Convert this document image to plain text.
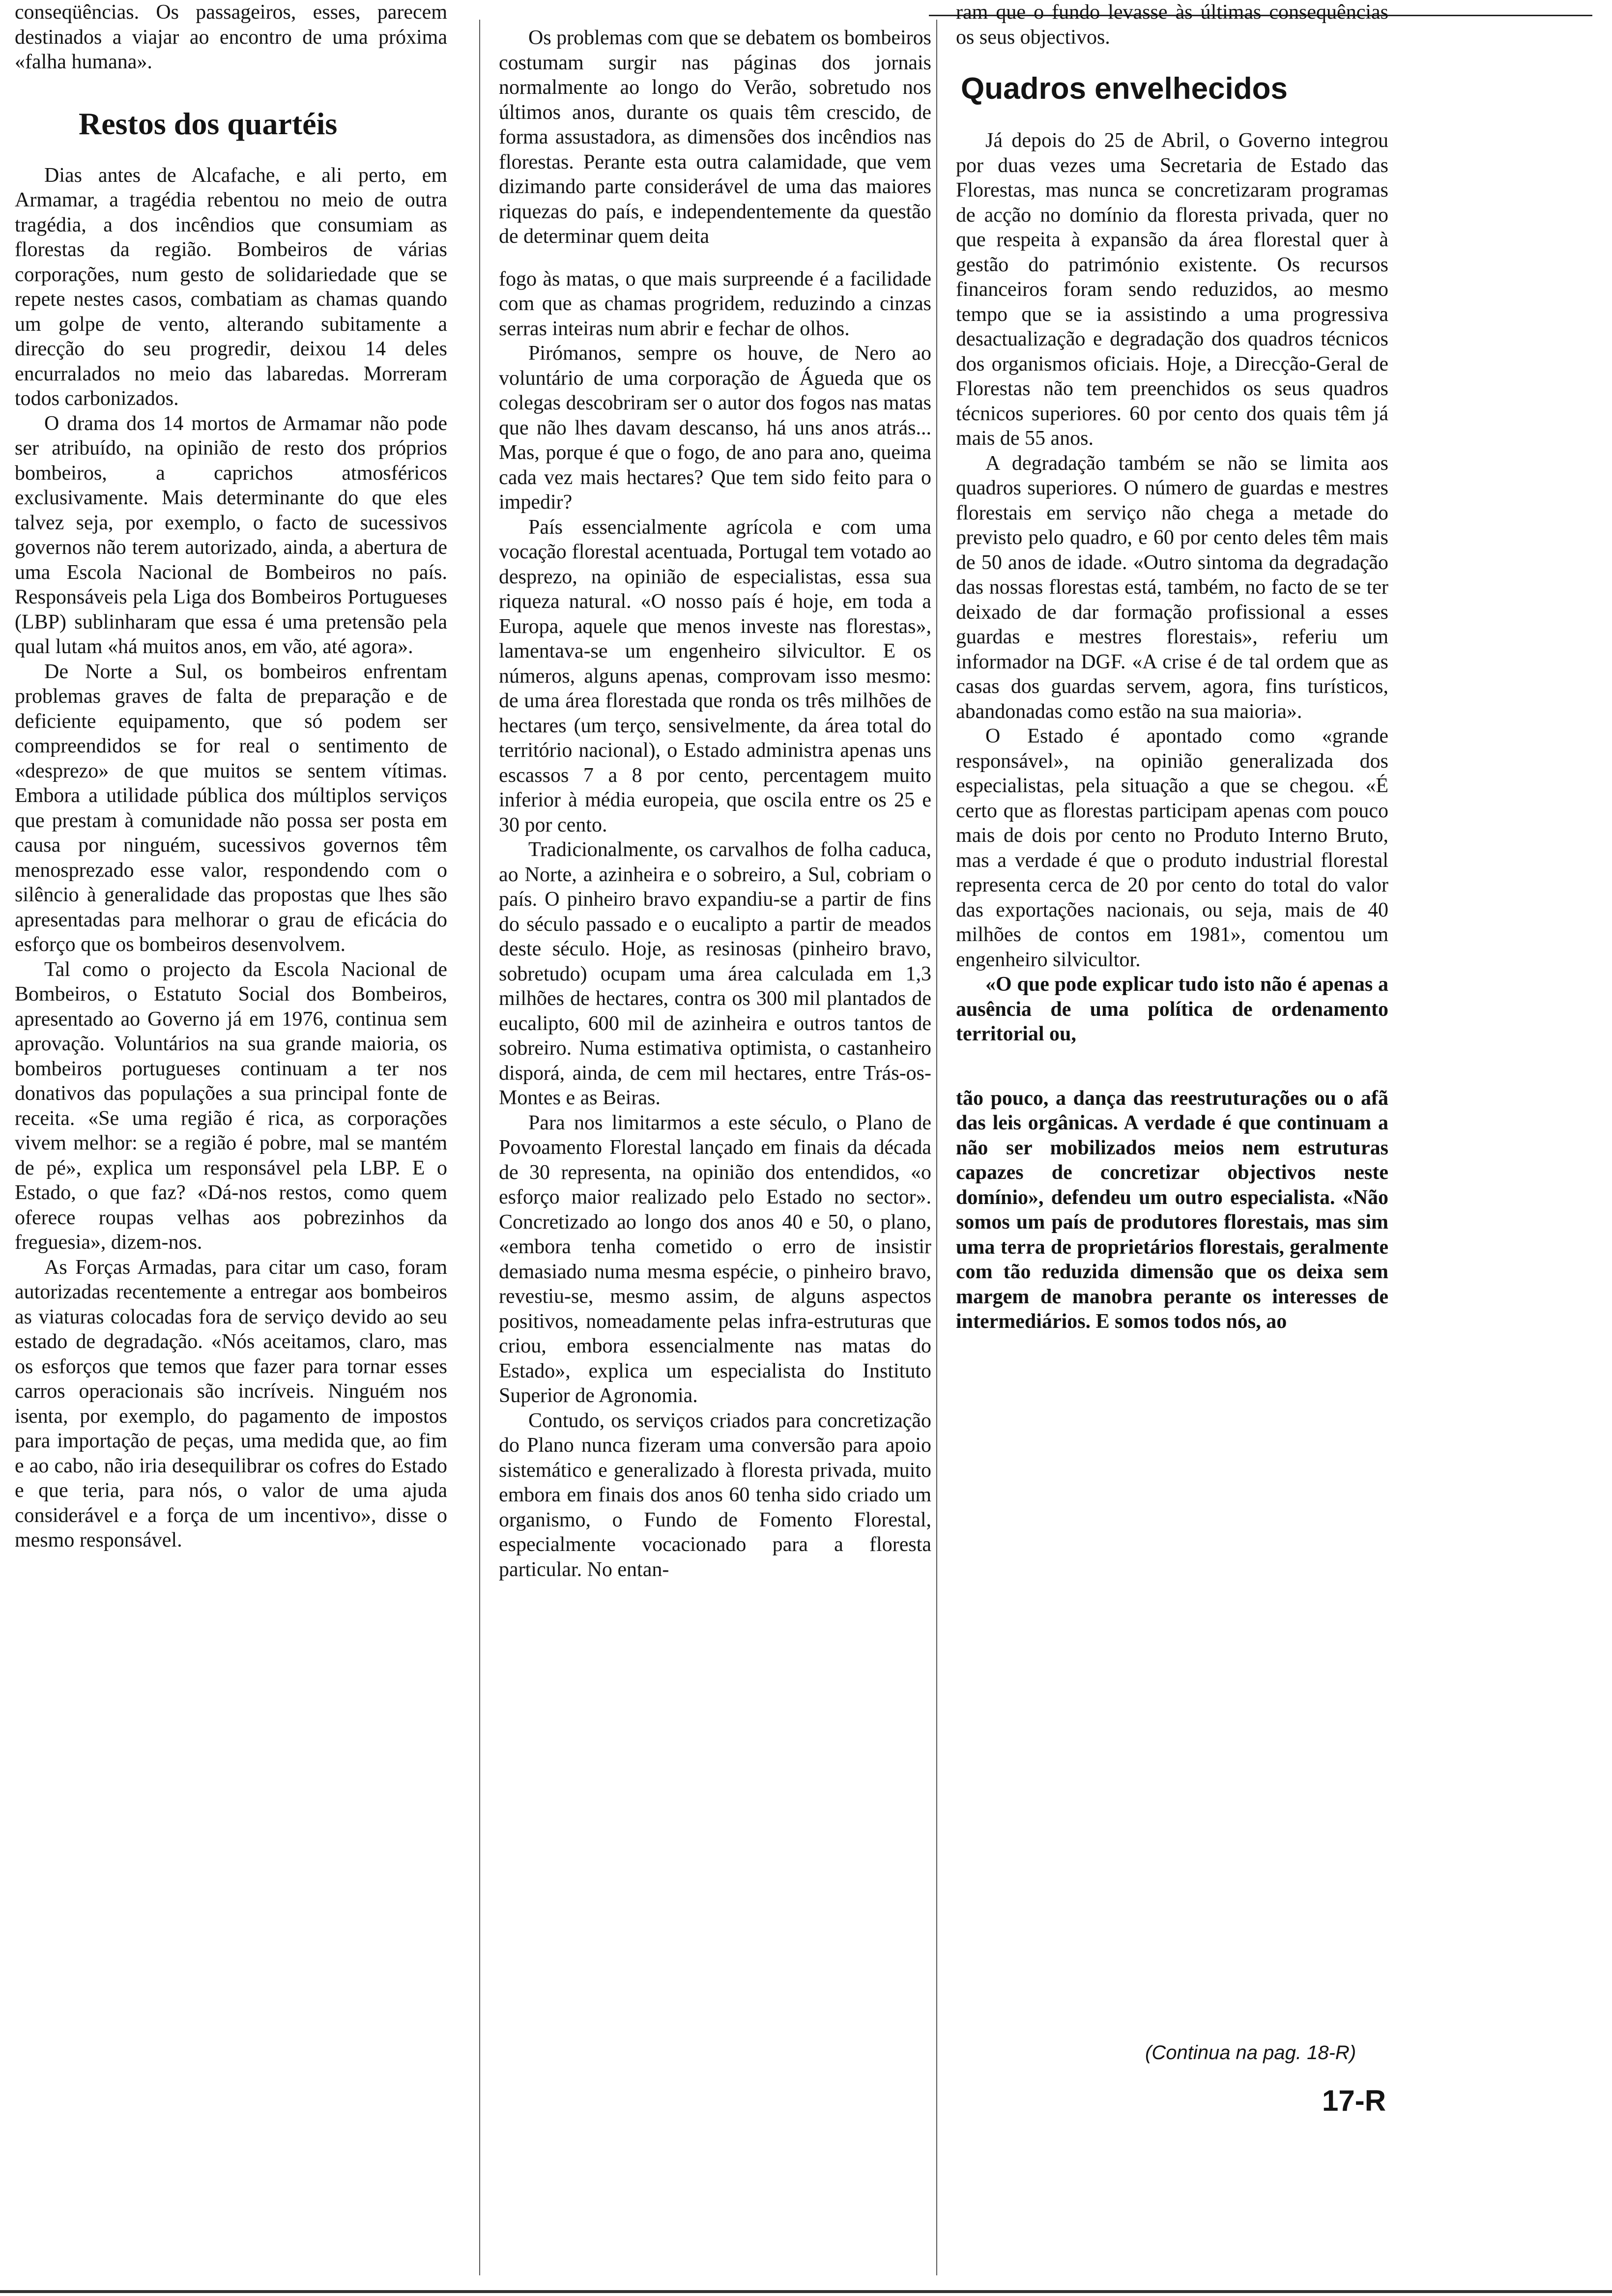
conseqüências. Os passageiros, esses, parecem destinados a viajar ao encontro de uma próxima «falha humana».

Restos dos quartéis

Dias antes de Alcafache, e ali perto, em Armamar, a tragédia rebentou no meio de outra tragédia, a dos incêndios que consumiam as florestas da região. Bombeiros de várias corporações, num gesto de solidariedade que se repete nestes casos, combatiam as chamas quando um golpe de vento, alterando subitamente a direcção do seu progredir, deixou 14 deles encurralados no meio das labaredas. Morreram todos carbonizados.

O drama dos 14 mortos de Armamar não pode ser atribuído, na opinião de resto dos próprios bombeiros, a caprichos atmosféricos exclusivamente. Mais determinante do que eles talvez seja, por exemplo, o facto de sucessivos governos não terem autorizado, ainda, a abertura de uma Escola Nacional de Bombeiros no país. Responsáveis pela Liga dos Bombeiros Portugueses (LBP) sublinharam que essa é uma pretensão pela qual lutam «há muitos anos, em vão, até agora».

De Norte a Sul, os bombeiros enfrentam problemas graves de falta de preparação e de deficiente equipamento, que só podem ser compreendidos se for real o sentimento de «desprezo» de que muitos se sentem vítimas. Embora a utilidade pública dos múltiplos serviços que prestam à comunidade não possa ser posta em causa por ninguém, sucessivos governos têm menosprezado esse valor, respondendo com o silêncio à generalidade das propostas que lhes são apresentadas para melhorar o grau de eficácia do esforço que os bombeiros desenvolvem.

Tal como o projecto da Escola Nacional de Bombeiros, o Estatuto Social dos Bombeiros, apresentado ao Governo já em 1976, continua sem aprovação. Voluntários na sua grande maioria, os bombeiros portugueses continuam a ter nos donativos das populações a sua principal fonte de receita. «Se uma região é rica, as corporações vivem melhor: se a região é pobre, mal se mantém de pé», explica um responsável pela LBP. E o Estado, o que faz? «Dá-nos restos, como quem oferece roupas velhas aos pobrezinhos da freguesia», dizem-nos.

As Forças Armadas, para citar um caso, foram autorizadas recentemente a entregar aos bombeiros as viaturas colocadas fora de serviço devido ao seu estado de degradação. «Nós aceitamos, claro, mas os esforços que temos que fazer para tornar esses carros operacionais são incríveis. Ninguém nos isenta, por exemplo, do pagamento de impostos para importação de peças, uma medida que, ao fim e ao cabo, não iria desequilibrar os cofres do Estado e que teria, para nós, o valor de uma ajuda considerável e a força de um incentivo», disse o mesmo responsável.

Os problemas com que se debatem os bombeiros costumam surgir nas páginas dos jornais normalmente ao longo do Verão, sobretudo nos últimos anos, durante os quais têm crescido, de forma assustadora, as dimensões dos incêndios nas florestas. Perante esta outra calamidade, que vem dizimando parte considerável de uma das maiores riquezas do país, e independentemente da questão de determinar quem deita

fogo às matas, o que mais surpreende é a facilidade com que as chamas progridem, reduzindo a cinzas serras inteiras num abrir e fechar de olhos.

Pirómanos, sempre os houve, de Nero ao voluntário de uma corporação de Águeda que os colegas descobriram ser o autor dos fogos nas matas que não lhes davam descanso, há uns anos atrás... Mas, porque é que o fogo, de ano para ano, queima cada vez mais hectares? Que tem sido feito para o impedir?

País essencialmente agrícola e com uma vocação florestal acentuada, Portugal tem votado ao desprezo, na opinião de especialistas, essa sua riqueza natural. «O nosso país é hoje, em toda a Europa, aquele que menos investe nas florestas», lamentava-se um engenheiro silvicultor. E os números, alguns apenas, comprovam isso mesmo: de uma área florestada que ronda os três milhões de hectares (um terço, sensivelmente, da área total do território nacional), o Estado administra apenas uns escassos 7 a 8 por cento, percentagem muito inferior à média europeia, que oscila entre os 25 e 30 por cento.

Tradicionalmente, os carvalhos de folha caduca, ao Norte, a azinheira e o sobreiro, a Sul, cobriam o país. O pinheiro bravo expandiu-se a partir de fins do século passado e o eucalipto a partir de meados deste século. Hoje, as resinosas (pinheiro bravo, sobretudo) ocupam uma área calculada em 1,3 milhões de hectares, contra os 300 mil plantados de eucalipto, 600 mil de azinheira e outros tantos de sobreiro. Numa estimativa optimista, o castanheiro disporá, ainda, de cem mil hectares, entre Trás-os-Montes e as Beiras.

Para nos limitarmos a este século, o Plano de Povoamento Florestal lançado em finais da década de 30 representa, na opinião dos entendidos, «o esforço maior realizado pelo Estado no sector». Concretizado ao longo dos anos 40 e 50, o plano, «embora tenha cometido o erro de insistir demasiado numa mesma espécie, o pinheiro bravo, revestiu-se, mesmo assim, de alguns aspectos positivos, nomeadamente pelas infra-estruturas que criou, embora essencialmente nas matas do Estado», explica um especialista do Instituto Superior de Agronomia.

Contudo, os serviços criados para concretização do Plano nunca fizeram uma conversão para apoio sistemático e generalizado à floresta privada, muito embora em finais dos anos 60 tenha sido criado um organismo, o Fundo de Fomento Florestal, especialmente vocacionado para a floresta particular. No entan-

ram que o fundo levasse às últimas consequências os seus objectivos.

Quadros envelhecidos

Já depois do 25 de Abril, o Governo integrou por duas vezes uma Secretaria de Estado das Florestas, mas nunca se concretizaram programas de acção no domínio da floresta privada, quer no que respeita à expansão da área florestal quer à gestão do património existente. Os recursos financeiros foram sendo reduzidos, ao mesmo tempo que se ia assistindo a uma progressiva desactualização e degradação dos quadros técnicos dos organismos oficiais. Hoje, a Direcção-Geral de Florestas não tem preenchidos os seus quadros técnicos superiores. 60 por cento dos quais têm já mais de 55 anos.

A degradação também se não se limita aos quadros superiores. O número de guardas e mestres florestais em serviço não chega a metade do previsto pelo quadro, e 60 por cento deles têm mais de 50 anos de idade. «Outro sintoma da degradação das nossas florestas está, também, no facto de se ter deixado de dar formação profissional a esses guardas e mestres florestais», referiu um informador na DGF. «A crise é de tal ordem que as casas dos guardas servem, agora, fins turísticos, abandonadas como estão na sua maioria».

O Estado é apontado como «grande responsável», na opinião generalizada dos especialistas, pela situação a que se chegou. «É certo que as florestas participam apenas com pouco mais de dois por cento no Produto Interno Bruto, mas a verdade é que o produto industrial florestal representa cerca de 20 por cento do total do valor das exportações nacionais, ou seja, mais de 40 milhões de contos em 1981», comentou um engenheiro silvicultor.

«O que pode explicar tudo isto não é apenas a ausência de uma política de ordenamento territorial ou,

tão pouco, a dança das reestruturações ou o afã das leis orgânicas. A verdade é que continuam a não ser mobilizados meios nem estruturas capazes de concretizar objectivos neste domínio», defendeu um outro especialista. «Não somos um país de produtores florestais, mas sim uma terra de proprietários florestais, geralmente com tão reduzida dimensão que os deixa sem margem de manobra perante os interesses de intermediários. E somos todos nós, ao

(Continua na pag. 18-R)
17-R
